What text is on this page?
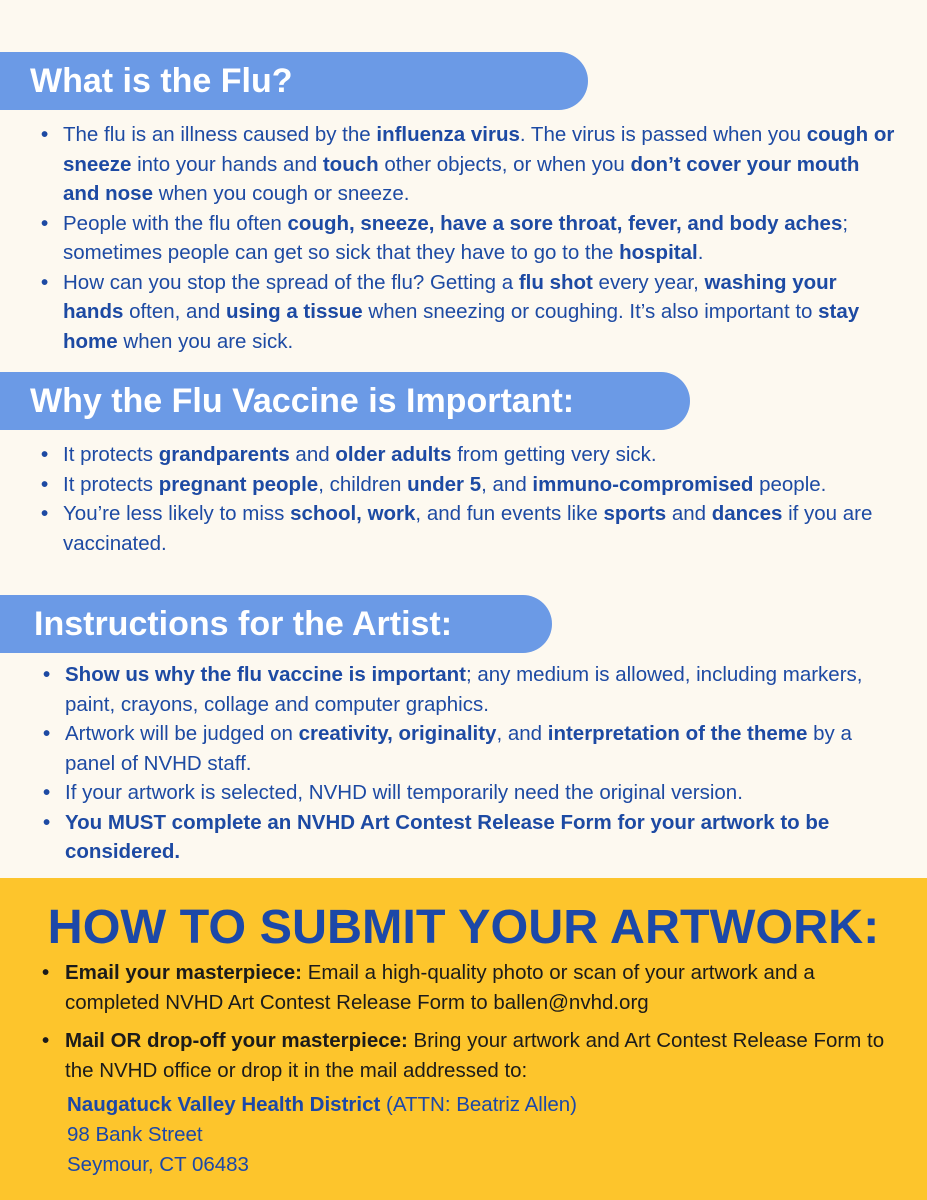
What is the Flu?
• The flu is an illness caused by the influenza virus. The virus is passed when you cough or sneeze into your hands and touch other objects, or when you don’t cover your mouth and nose when you cough or sneeze.
• People with the flu often cough, sneeze, have a sore throat, fever, and body aches; sometimes people can get so sick that they have to go to the hospital.
• How can you stop the spread of the flu? Getting a flu shot every year, washing your hands often, and using a tissue when sneezing or coughing. It’s also important to stay home when you are sick.
Why the Flu Vaccine is Important:
• It protects grandparents and older adults from getting very sick.
• It protects pregnant people, children under 5, and immuno-compromised people.
• You’re less likely to miss school, work, and fun events like sports and dances if you are vaccinated.
Instructions for the Artist:
• Show us why the flu vaccine is important; any medium is allowed, including markers, paint, crayons, collage and computer graphics.
• Artwork will be judged on creativity, originality, and interpretation of the theme by a panel of NVHD staff.
• If your artwork is selected, NVHD will temporarily need the original version.
• You MUST complete an NVHD Art Contest Release Form for your artwork to be considered.
HOW TO SUBMIT YOUR ARTWORK:
• Email your masterpiece: Email a high-quality photo or scan of your artwork and a completed NVHD Art Contest Release Form to ballen@nvhd.org
• Mail OR drop-off your masterpiece: Bring your artwork and Art Contest Release Form to the NVHD office or drop it in the mail addressed to:
Naugatuck Valley Health District (ATTN: Beatriz Allen)
98 Bank Street
Seymour, CT 06483
